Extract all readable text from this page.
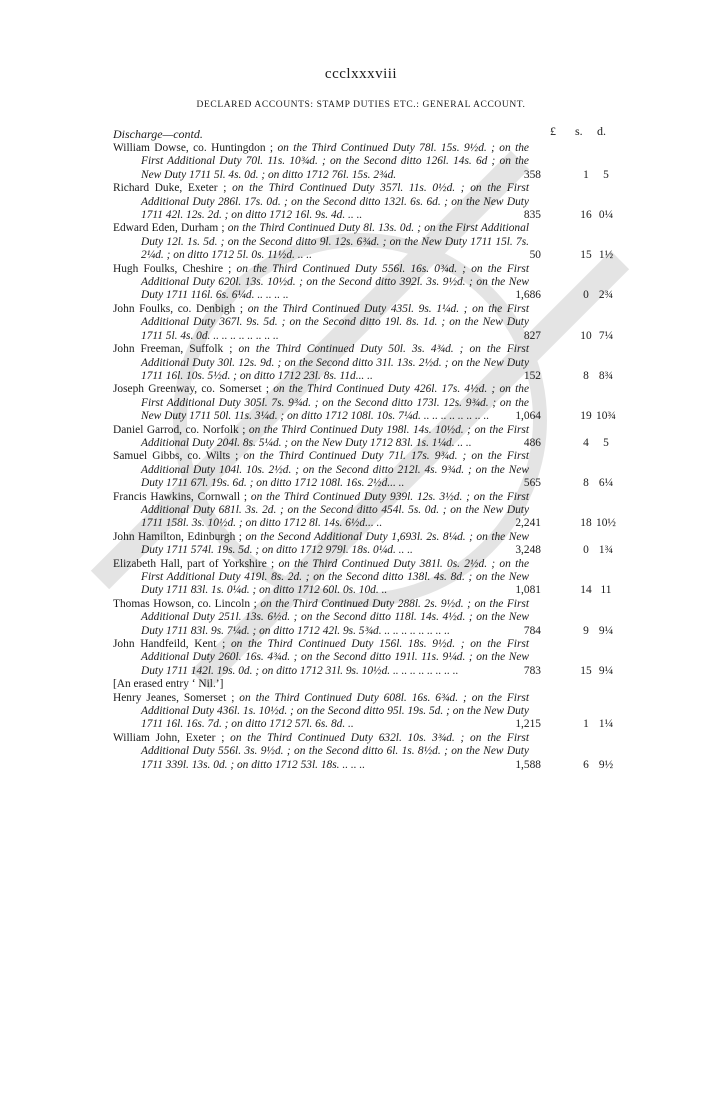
ccclxxxviii
DECLARED ACCOUNTS: STAMP DUTIES ETC.: GENERAL ACCOUNT.
£ s. d.
Discharge—contd.
William Dowse, co. Huntingdon ; on the Third Continued Duty 78l. 15s. 9½d. ; on the First Additional Duty 70l. 11s. 10¾d. ; on the Second ditto 126l. 14s. 6d ; on the New Duty 1711 5l. 4s. 0d. ; on ditto 1712 76l. 15s. 2¾d.	358	1	5
Richard Duke, Exeter ; on the Third Continued Duty 357l. 11s. 0½d. ; on the First Additional Duty 286l. 17s. 0d. ; on the Second ditto 132l. 6s. 6d. ; on the New Duty 1711 42l. 12s. 2d. ; on ditto 1712 16l. 9s. 4d. .. ..	835	16 0¼
Edward Eden, Durham ; on the Third Continued Duty 8l. 13s. 0d. ; on the First Additional Duty 12l. 1s. 5d. ; on the Second ditto 9l. 12s. 6¾d. ; on the New Duty 1711 15l. 7s. 2¼d. ; on ditto 1712 5l. 0s. 11½d. .. ..	50	15 1½
Hugh Foulks, Cheshire ; on the Third Continued Duty 556l. 16s. 0¾d. ; on the First Additional Duty 620l. 13s. 10½d. ; on the Second ditto 392l. 3s. 9½d. ; on the New Duty 1711 116l. 6s. 6¼d. .. .. .. ..	1,686	0 2¾
John Foulks, co. Denbigh ; on the Third Continued Duty 435l. 9s. 1¼d. ; on the First Additional Duty 367l. 9s. 5d. ; on the Second ditto 19l. 8s. 1d. ; on the New Duty 1711 5l. 4s. 0d. .. .. .. .. .. .. .. ..	827	10 7¼
John Freeman, Suffolk ; on the Third Continued Duty 50l. 3s. 4¾d. ; on the First Additional Duty 30l. 12s. 9d. ; on the Second ditto 31l. 13s. 2½d. ; on the New Duty 1711 16l. 10s. 5½d. ; on ditto 1712 23l. 8s. 11d... ..	152	8 8¾
Joseph Greenway, co. Somerset ; on the Third Continued Duty 426l. 17s. 4½d. ; on the First Additional Duty 305l. 7s. 9¾d. ; on the Second ditto 173l. 12s. 9¾d. ; on the New Duty 1711 50l. 11s. 3¼d. ; on ditto 1712 108l. 10s. 7¼d. .. .. .. .. .. .. .. ..	1,064	19 10¾
Daniel Garrod, co. Norfolk ; on the Third Continued Duty 198l. 14s. 10½d. ; on the First Additional Duty 204l. 8s. 5¼d. ; on the New Duty 1712 83l. 1s. 1¼d. .. ..	486	4	5
Samuel Gibbs, co. Wilts ; on the Third Continued Duty 71l. 17s. 9¾d. ; on the First Additional Duty 104l. 10s. 2½d. ; on the Second ditto 212l. 4s. 9¾d. ; on the New Duty 1711 67l. 19s. 6d. ; on ditto 1712 108l. 16s. 2½d... ..	565	8 6¼
Francis Hawkins, Cornwall ; on the Third Continued Duty 939l. 12s. 3½d. ; on the First Additional Duty 681l. 3s. 2d. ; on the Second ditto 454l. 5s. 0d. ; on the New Duty 1711 158l. 3s. 10½d. ; on ditto 1712 8l. 14s. 6½d... ..	2,241	18 10½
John Hamilton, Edinburgh ; on the Second Additional Duty 1,693l. 2s. 8¼d. ; on the New Duty 1711 574l. 19s. 5d. ; on ditto 1712 979l. 18s. 0¼d. .. ..	3,248	0 1¾
Elizabeth Hall, part of Yorkshire ; on the Third Continued Duty 381l. 0s. 2½d. ; on the First Additional Duty 419l. 8s. 2d. ; on the Second ditto 138l. 4s. 8d. ; on the New Duty 1711 83l. 1s. 0¼d. ; on ditto 1712 60l. 0s. 10d. ..	1,081	14 11
Thomas Howson, co. Lincoln ; on the Third Continued Duty 288l. 2s. 9½d. ; on the First Additional Duty 251l. 13s. 6½d. ; on the Second ditto 118l. 14s. 4½d. ; on the New Duty 1711 83l. 9s. 7¼d. ; on ditto 1712 42l. 9s. 5¾d. .. .. .. .. .. .. .. ..	784	9 9¼
John Handfeild, Kent ; on the Third Continued Duty 156l. 18s. 9½d. ; on the First Additional Duty 260l. 16s. 4¾d. ; on the Second ditto 191l. 11s. 9¼d. ; on the New Duty 1711 142l. 19s. 0d. ; on ditto 1712 31l. 9s. 10½d. .. .. .. .. .. .. .. ..	783	15 9¼
[An erased entry ‘ Nil.’]
Henry Jeanes, Somerset ; on the Third Continued Duty 608l. 16s. 6¾d. ; on the First Additional Duty 436l. 1s. 10½d. ; on the Second ditto 95l. 19s. 5d. ; on the New Duty 1711 16l. 16s. 7d. ; on ditto 1712 57l. 6s. 8d. ..	1,215	1 1¼
William John, Exeter ; on the Third Continued Duty 632l. 10s. 3¾d. ; on the First Additional Duty 556l. 3s. 9½d. ; on the Second ditto 6l. 1s. 8½d. ; on the New Duty 1711 339l. 13s. 0d. ; on ditto 1712 53l. 18s. .. .. ..	1,588	6 9½
